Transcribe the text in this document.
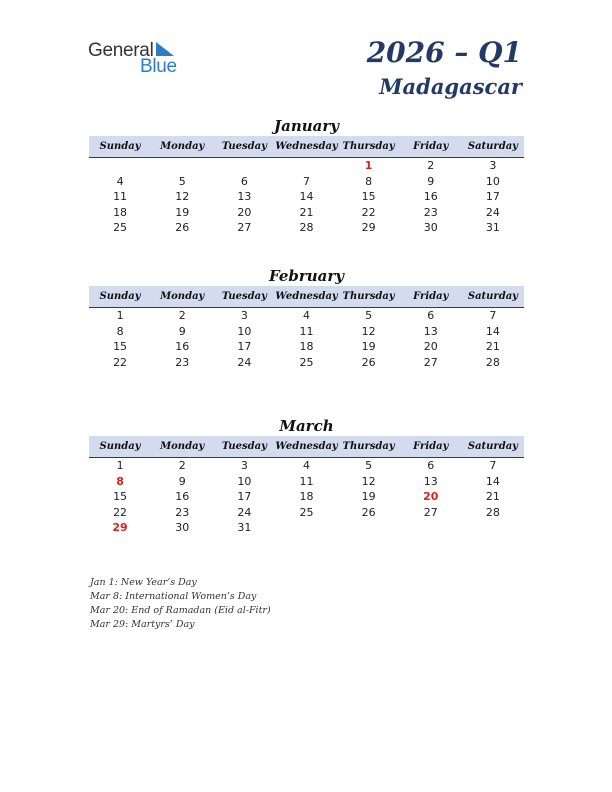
General
Blue	2026 – Q1
Madagascar
January
Sunday	Monday	Tuesday	Wednesday	Thursday	Friday	Saturday
				1	2	3
4	5	6	7	8	9	10
11	12	13	14	15	16	17
18	19	20	21	22	23	24
25	26	27	28	29	30	31
February
Sunday	Monday	Tuesday	Wednesday	Thursday	Friday	Saturday
1	2	3	4	5	6	7
8	9	10	11	12	13	14
15	16	17	18	19	20	21
22	23	24	25	26	27	28
March
Sunday	Monday	Tuesday	Wednesday	Thursday	Friday	Saturday
1	2	3	4	5	6	7
8	9	10	11	12	13	14
15	16	17	18	19	20	21
22	23	24	25	26	27	28
29	30	31				
Jan 1: New Year’s Day
Mar 8: International Women’s Day
Mar 20: End of Ramadan (Eid al-Fitr)
Mar 29: Martyrs’ Day
